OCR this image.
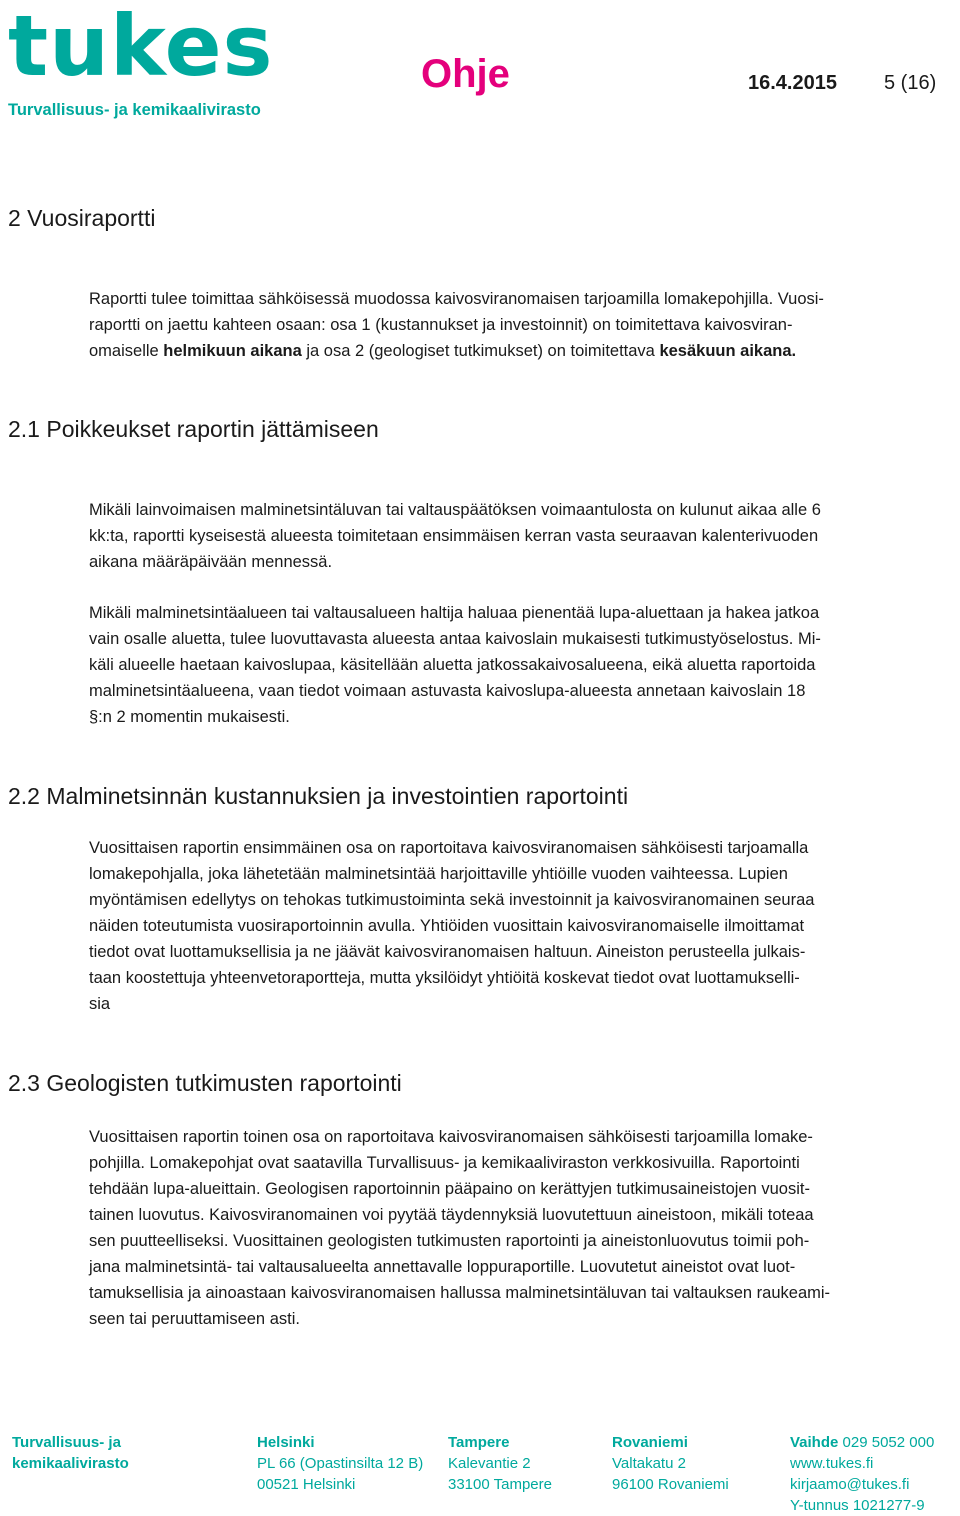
tukes
Turvallisuus- ja kemikaalivirasto
Ohje	16.4.2015 5 (16)
2 Vuosiraportti
Raportti tulee toimittaa sähköisessä muodossa kaivosviranomaisen tarjoamilla lomakepohjilla. Vuosi-
raportti on jaettu kahteen osaan: osa 1 (kustannukset ja investoinnit) on toimitettava kaivosviran-
omaiselle helmikuun aikana ja osa 2 (geologiset tutkimukset) on toimitettava kesäkuun aikana.
2.1 Poikkeukset raportin jättämiseen
Mikäli lainvoimaisen malminetsintäluvan tai valtauspäätöksen voimaantulosta on kulunut aikaa alle 6
kk:ta, raportti kyseisestä alueesta toimitetaan ensimmäisen kerran vasta seuraavan kalenterivuoden
aikana määräpäivään mennessä.
Mikäli malminetsintäalueen tai valtausalueen haltija haluaa pienentää lupa-aluettaan ja hakea jatkoa
vain osalle aluetta, tulee luovuttavasta alueesta antaa kaivoslain mukaisesti tutkimustyöselostus. Mi-
käli alueelle haetaan kaivoslupaa, käsitellään aluetta jatkossakaivosalueena, eikä aluetta raportoida
malminetsintäalueena, vaan tiedot voimaan astuvasta kaivoslupa-alueesta annetaan kaivoslain 18
§:n 2 momentin mukaisesti.
2.2 Malminetsinnän kustannuksien ja investointien raportointi
Vuosittaisen raportin ensimmäinen osa on raportoitava kaivosviranomaisen sähköisesti tarjoamalla
lomakepohjalla, joka lähetetään malminetsintää harjoittaville yhtiöille vuoden vaihteessa. Lupien
myöntämisen edellytys on tehokas tutkimustoiminta sekä investoinnit ja kaivosviranomainen seuraa
näiden toteutumista vuosiraportoinnin avulla. Yhtiöiden vuosittain kaivosviranomaiselle ilmoittamat
tiedot ovat luottamuksellisia ja ne jäävät kaivosviranomaisen haltuun. Aineiston perusteella julkais-
taan koostettuja yhteenvetoraportteja, mutta yksilöidyt yhtiöitä koskevat tiedot ovat luottamukselli-
sia
2.3 Geologisten tutkimusten raportointi
Vuosittaisen raportin toinen osa on raportoitava kaivosviranomaisen sähköisesti tarjoamilla lomake-
pohjilla. Lomakepohjat ovat saatavilla Turvallisuus- ja kemikaaliviraston verkkosivuilla. Raportointi
tehdään lupa-alueittain. Geologisen raportoinnin pääpaino on kerättyjen tutkimusaineistojen vuosit-
tainen luovutus. Kaivosviranomainen voi pyytää täydennyksiä luovutettuun aineistoon, mikäli toteaa
sen puutteelliseksi. Vuosittainen geologisten tutkimusten raportointi ja aineistonluovutus toimii poh-
jana malminetsintä- tai valtausalueelta annettavalle loppuraportille. Luovutetut aineistot ovat luot-
tamuksellisia ja ainoastaan kaivosviranomaisen hallussa malminetsintäluvan tai valtauksen raukeami-
seen tai peruuttamiseen asti.
Turvallisuus- ja
kemikaalivirasto
Helsinki
PL 66 (Opastinsilta 12 B)
00521 Helsinki
Tampere
Kalevantie 2
33100 Tampere
Rovaniemi
Valtakatu 2
96100 Rovaniemi
Vaihde 029 5052 000
www.tukes.fi
kirjaamo@tukes.fi
Y-tunnus 1021277-9
